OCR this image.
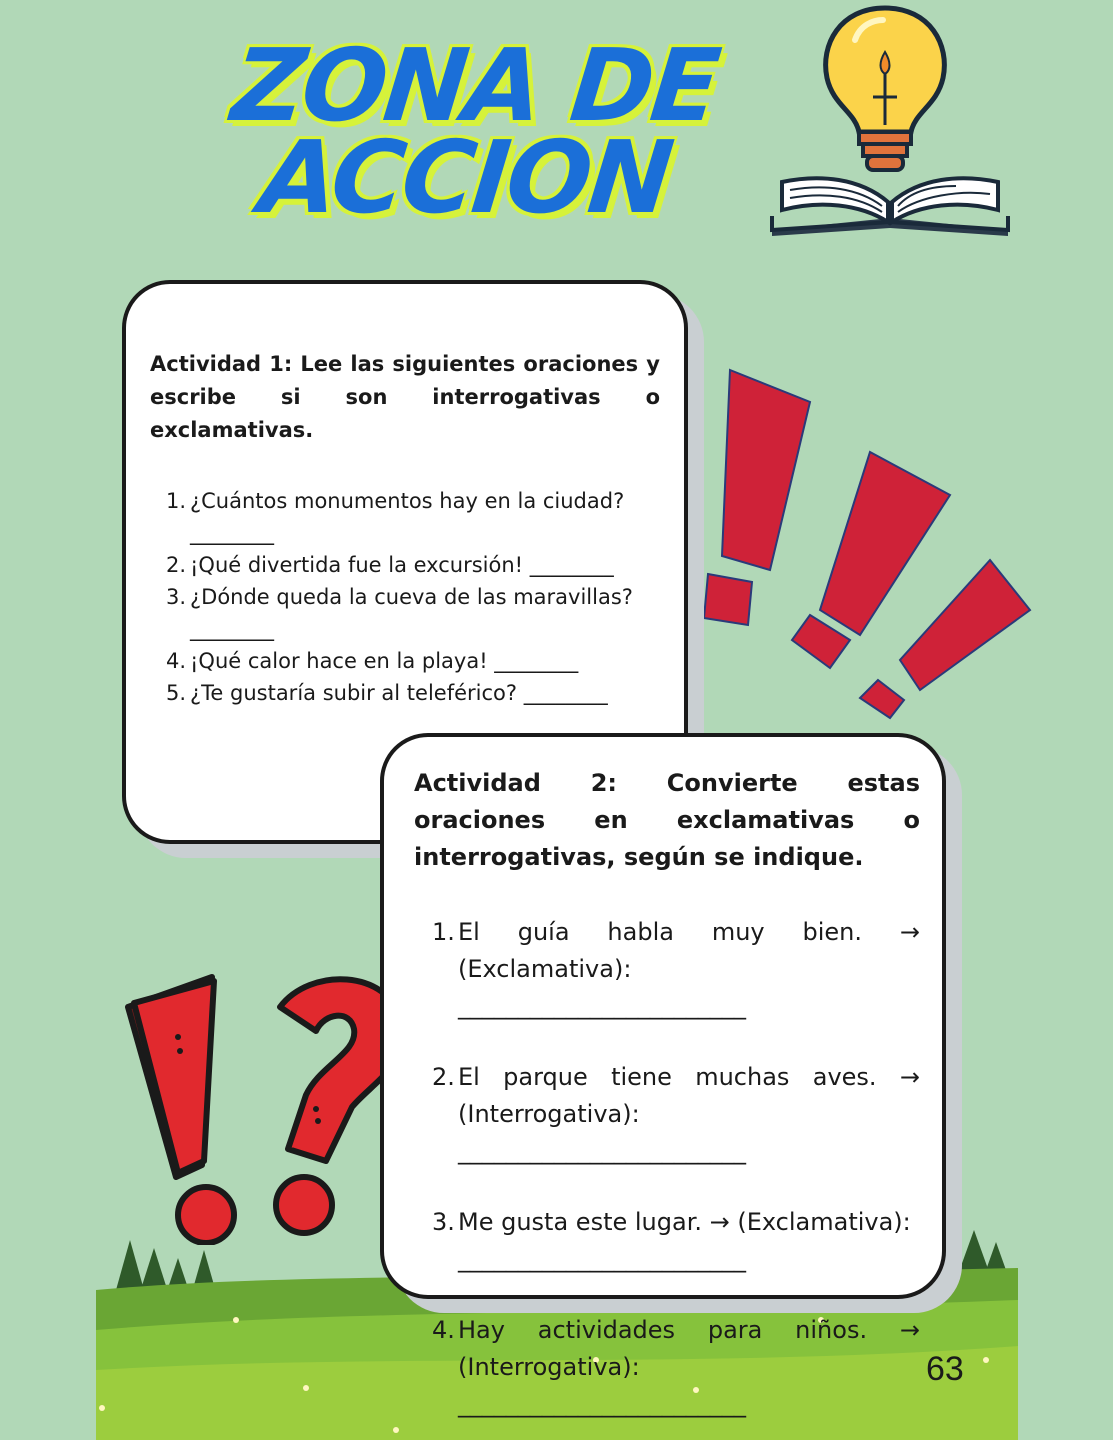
ZONA DE
ACCION
Actividad 1: Lee las siguientes oraciones y escribe si son interrogativas o exclamativas.
1. ¿Cuántos monumentos hay en la ciudad?
________
2. ¡Qué divertida fue la excursión! ________
3. ¿Dónde queda la cueva de las maravillas?
________
4. ¡Qué calor hace en la playa! ________
5. ¿Te gustaría subir al teleférico? ________
Actividad 2: Convierte estas oraciones en exclamativas o interrogativas, según se indique.
1. El guía habla muy bien. → (Exclamativa):
________________________
2. El parque tiene muchas aves. → (Interrogativa):
________________________
3. Me gusta este lugar. → (Exclamativa):
________________________
4. Hay actividades para niños. → (Interrogativa):
________________________
63
